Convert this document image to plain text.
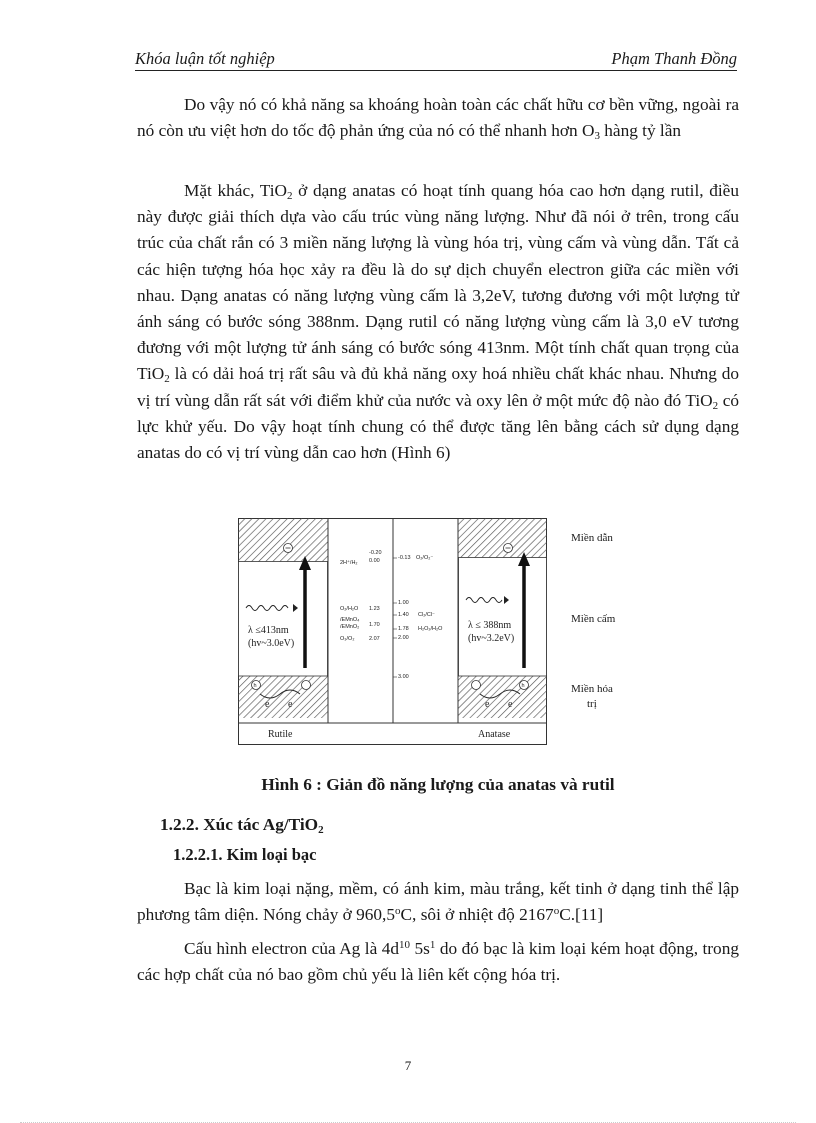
Khóa luận tốt nghiệp	Phạm Thanh Đồng

Do vậy nó có khả năng sa khoáng hoàn toàn các chất hữu cơ bền vững, ngoài ra nó còn ưu việt hơn do tốc độ phản ứng của nó có thể nhanh hơn $O_3$ hàng tỷ lần

Mặt khác, TiO$_2$ ở dạng anatas có hoạt tính quang hóa cao hơn dạng rutil, điều này được giải thích dựa vào cấu trúc vùng năng lượng. Như đã nói ở trên, trong cấu trúc của chất rắn có 3 miền năng lượng là vùng hóa trị, vùng cấm và vùng dẫn. Tất cả các hiện tượng hóa học xảy ra đều là do sự dịch chuyển electron giữa các miền với nhau. Dạng anatas có năng lượng vùng cấm là 3,2eV, tương đương với một lượng tử ánh sáng có bước sóng 388nm. Dạng rutil có năng lượng vùng cấm là 3,0 eV tương đương với một lượng tử ánh sáng có bước sóng 413nm. Một tính chất quan trọng của TiO$_2$ là có dải hoá trị rất sâu và đủ khả năng oxy hoá nhiều chất khác nhau. Nhưng do vị trí vùng dẫn rất sát với điểm khử của nước và oxy lên ở một mức độ nào đó TiO$_2$ có lực khử yếu. Do vậy hoạt tính chung có thể được tăng lên bằng cách sử dụng dạng anatas do có vị trí vùng dẫn cao hơn (Hình 6)

λ ≤413nm
(hv~3.0eV)
h
e e
Rutile
λ ≤ 388nm
(hv~3.2eV)
h
e e
Anatase
-0.20
0.00	-0.13
1.00
1.23
1.40
1.70
1.78
2.00
2.07
3.00
2H⁺/H₂
O₂/O₂⁻
O₂/H₂O
Cl₂/Cl⁻
/EMnO₄
/EMnO₂	H₂O₂/H₂O
O₃/O₂
Miền dẫn
Miền cấm
Miền hóa
trị
Hình 6 : Giản đồ năng lượng của anatas và rutil
1.2.2. Xúc tác Ag/TiO$_2$
1.2.2.1. Kim loại bạc

Bạc là kim loại nặng, mềm, có ánh kim, màu trắng, kết tinh ở dạng tinh thể lập phương tâm diện. Nóng chảy ở 960,5$^o$C, sôi ở nhiệt độ 2167$^o$C.[11]

Cấu hình electron của Ag là $4d^{10}$ $5s^1$ do đó bạc là kim loại kém hoạt động, trong các hợp chất của nó bao gồm chủ yếu là liên kết cộng hóa trị.

7
